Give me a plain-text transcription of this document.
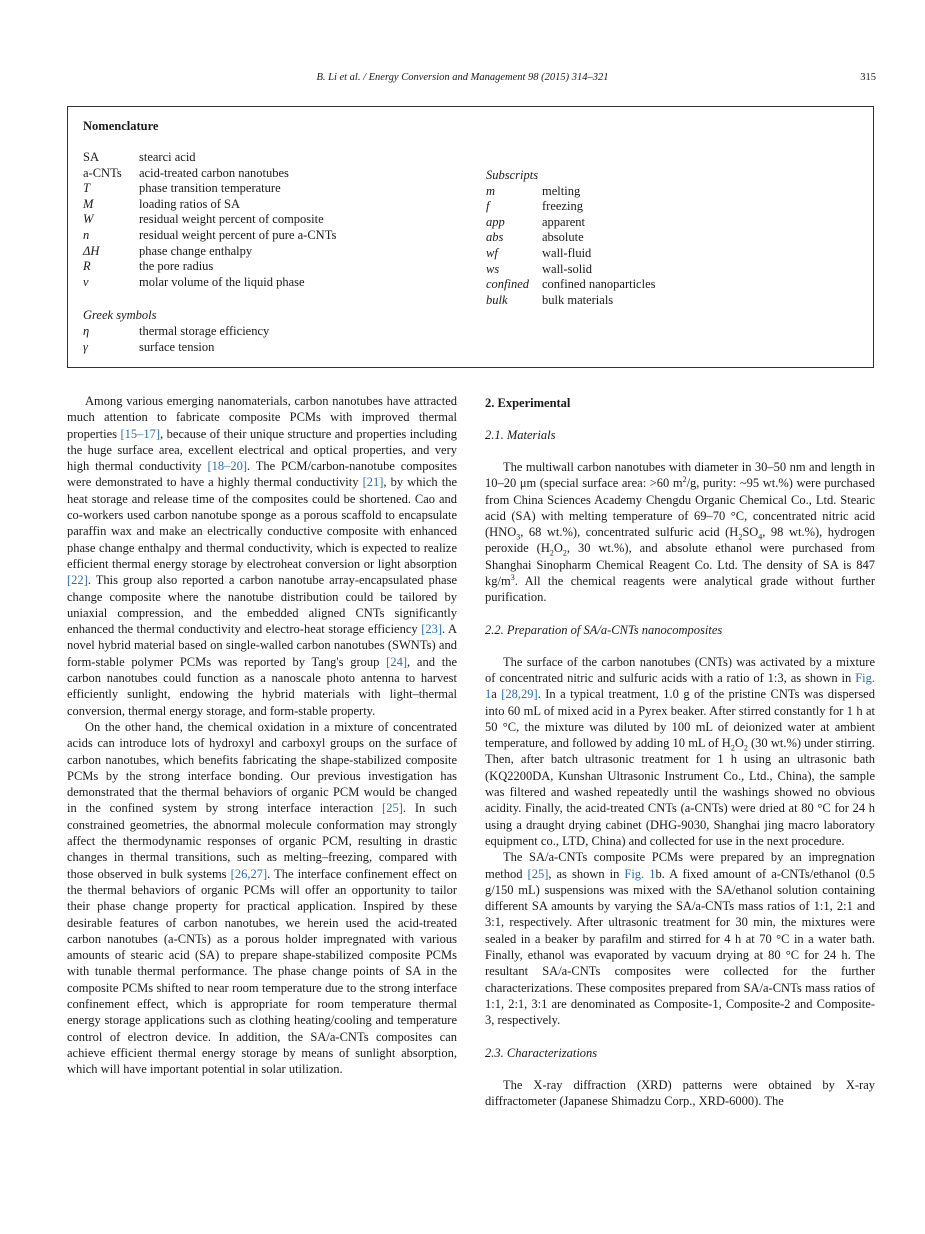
B. Li et al. / Energy Conversion and Management 98 (2015) 314–321	315
Nomenclature
SA	stearci acid
a-CNTs	acid-treated carbon nanotubes
T	phase transition temperature
M	loading ratios of SA
W	residual weight percent of composite
n	residual weight percent of pure a-CNTs
ΔH	phase change enthalpy
R	the pore radius
v	molar volume of the liquid phase
Greek symbols
η	thermal storage efficiency
γ	surface tension
Subscripts
m	melting
f	freezing
app	apparent
abs	absolute
wf	wall-fluid
ws	wall-solid
confined	confined nanoparticles
bulk	bulk materials

Among various emerging nanomaterials, carbon nanotubes have attracted much attention to fabricate composite PCMs with improved thermal properties [15–17], because of their unique structure and properties including the huge surface area, excellent electrical and optical properties, and very high thermal conductivity [18–20]. The PCM/carbon-nanotube composites were demonstrated to have a highly thermal conductivity [21], by which the heat storage and release time of the composites could be shortened. Cao and co-workers used carbon nanotube sponge as a porous scaffold to encapsulate paraffin wax and make an electrically conductive composite with enhanced phase change enthalpy and thermal conductivity, which is expected to realize efficient thermal energy storage by electroheat conversion or light absorption [22]. This group also reported a carbon nanotube array-encapsulated phase change composite where the nanotube distribution could be tailored by uniaxial compression, and the embedded aligned CNTs significantly enhanced the thermal conductivity and electro-heat storage efficiency [23]. A novel hybrid material based on single-walled carbon nanotubes (SWNTs) and form-stable polymer PCMs was reported by Tang's group [24], and the carbon nanotubes could function as a nanoscale photo antenna to harvest efficiently sunlight, endowing the hybrid materials with light–thermal conversion, thermal energy storage, and form-stable property.

On the other hand, the chemical oxidation in a mixture of concentrated acids can introduce lots of hydroxyl and carboxyl groups on the surface of carbon nanotubes, which benefits fabricating the shape-stabilized composite PCMs by the strong interface bonding. Our previous investigation has demonstrated that the thermal behaviors of organic PCM would be changed in the confined system by strong interface interaction [25]. In such constrained geometries, the abnormal molecule conformation may strongly affect the thermodynamic responses of organic PCM, resulting in drastic changes in thermal transitions, such as melting–freezing, compared with those observed in bulk systems [26,27]. The interface confinement effect on the thermal behaviors of organic PCMs will offer an opportunity to tailor their phase change property for practical application. Inspired by these desirable features of carbon nanotubes, we herein used the acid-treated carbon nanotubes (a-CNTs) as a porous holder impregnated with various amounts of stearic acid (SA) to prepare shape-stabilized composite PCMs with tunable thermal performance. The phase change points of SA in the composite PCMs shifted to near room temperature due to the strong interface confinement effect, which is appropriate for room temperature thermal energy storage applications such as clothing heating/cooling and temperature control of electron device. In addition, the SA/a-CNTs composites can achieve efficient thermal energy storage by means of sunlight absorption, which will have important potential in solar utilization.

2. Experimental
2.1. Materials

The multiwall carbon nanotubes with diameter in 30–50 nm and length in 10–20 μm (special surface area: >60 $m^2/g$, purity: ~95 wt.%) were purchased from China Sciences Academy Chengdu Organic Chemical Co., Ltd. Stearic acid (SA) with melting temperature of 69–70 °C, concentrated nitric acid ($HNO_3$, 68 wt.%), concentrated sulfuric acid ($H_2SO_4$, 98 wt.%), hydrogen peroxide ($H_2O_2$, 30 wt.%), and absolute ethanol were purchased from Shanghai Sinopharm Chemical Reagent Co. Ltd. The density of SA is 847 $kg/m^3$. All the chemical reagents were analytical grade without further purification.

2.2. Preparation of SA/a-CNTs nanocomposites

The surface of the carbon nanotubes (CNTs) was activated by a mixture of concentrated nitric and sulfuric acids with a ratio of 1:3, as shown in Fig. 1a [28,29]. In a typical treatment, 1.0 g of the pristine CNTs was dispersed into 60 mL of mixed acid in a Pyrex beaker. After stirred constantly for 1 h at 50 °C, the mixture was diluted by 100 mL of deionized water at ambient temperature, and followed by adding 10 mL of $H_2O_2$ (30 wt.%) under stirring. Then, after batch ultrasonic treatment for 1 h using an ultrasonic bath (KQ2200DA, Kunshan Ultrasonic Instrument Co., Ltd., China), the sample was filtered and washed repeatedly until the washings showed no obvious acidity. Finally, the acid-treated CNTs (a-CNTs) were dried at 80 °C for 24 h using a draught drying cabinet (DHG-9030, Shanghai jing macro laboratory equipment co., LTD, China) and collected for use in the next procedure.

The SA/a-CNTs composite PCMs were prepared by an impregnation method [25], as shown in Fig. 1b. A fixed amount of a-CNTs/ethanol (0.5 g/150 mL) suspensions was mixed with the SA/ethanol solution containing different SA amounts by varying the SA/a-CNTs mass ratios of 1:1, 2:1 and 3:1, respectively. After ultrasonic treatment for 30 min, the mixtures were sealed in a beaker by parafilm and stirred for 4 h at 70 °C in a water bath. Finally, ethanol was evaporated by vacuum drying at 80 °C for 24 h. The resultant SA/a-CNTs composites were collected for the further characterizations. These composites prepared from SA/a-CNTs mass ratios of 1:1, 2:1, 3:1 are denominated as Composite-1, Composite-2 and Composite-3, respectively.

2.3. Characterizations

The X-ray diffraction (XRD) patterns were obtained by X-ray diffractometer (Japanese Shimadzu Corp., XRD-6000). The
